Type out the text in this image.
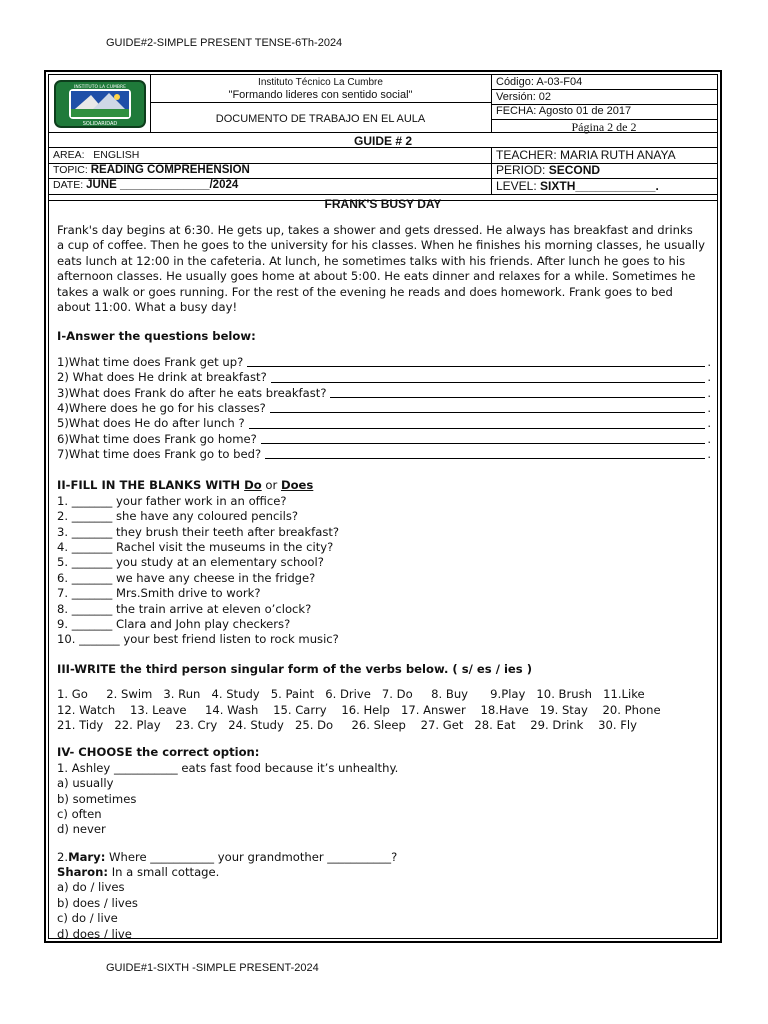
GUIDE#2-SIMPLE PRESENT TENSE-6Th-2024
INSTITUTO LA CUMBRE
SOLIDARIDAD
Instituto Técnico La Cumbre
"Formando lideres con sentido social"
DOCUMENTO DE TRABAJO EN EL AULA
Código: A-03-F04
Versión: 02
FECHA: Agosto 01 de 2017
Página 2 de 2
GUIDE # 2
AREA: ENGLISH	TEACHER: MARIA RUTH ANAYA
TOPIC: READING COMPREHENSION	PERIOD: SECOND
DATE: JUNE ______________/2024	LEVEL: SIXTH____________.
FRANK'S BUSY DAY
Frank's day begins at 6:30. He gets up, takes a shower and gets dressed. He always has breakfast and drinks
a cup of coffee. Then he goes to the university for his classes. When he finishes his morning classes, he usually
eats lunch at 12:00 in the cafeteria. At lunch, he sometimes talks with his friends. After lunch he goes to his
afternoon classes. He usually goes home at about 5:00. He eats dinner and relaxes for a while. Sometimes he
takes a walk or goes running. For the rest of the evening he reads and does homework. Frank goes to bed
about 11:00. What a busy day!
I-Answer the questions below:
1)What time does Frank get up?	.
2) What does He drink at breakfast?	.
3)What does Frank do after he eats breakfast?	.
4)Where does he go for his classes?	.
5)What does He do after lunch ?	.
6)What time does Frank go home?	.
7)What time does Frank go to bed?	.
II-FILL IN THE BLANKS WITH Do or Does
1. _______ your father work in an office?
2. _______ she have any coloured pencils?
3. _______ they brush their teeth after breakfast?
4. _______ Rachel visit the museums in the city?
5. _______ you study at an elementary school?
6. _______ we have any cheese in the fridge?
7. _______ Mrs.Smith drive to work?
8. _______ the train arrive at eleven o’clock?
9. _______ Clara and John play checkers?
10. _______ your best friend listen to rock music?
III-WRITE the third person singular form of the verbs below. ( s/ es / ies )
1. Go     2. Swim   3. Run   4. Study   5. Paint   6. Drive   7. Do     8. Buy      9.Play   10. Brush   11.Like
12. Watch    13. Leave     14. Wash    15. Carry    16. Help   17. Answer    18.Have   19. Stay    20. Phone
21. Tidy   22. Play    23. Cry   24. Study   25. Do     26. Sleep    27. Get   28. Eat    29. Drink    30. Fly
IV- CHOOSE the correct option:
1. Ashley ___________ eats fast food because it’s unhealthy.
a) usually
b) sometimes
c) often
d) never
2.Mary: Where ___________ your grandmother ___________?
Sharon: In a small cottage.
a) do / lives
b) does / lives
c) do / live
d) does / live
GUIDE#1-SIXTH -SIMPLE PRESENT-2024
